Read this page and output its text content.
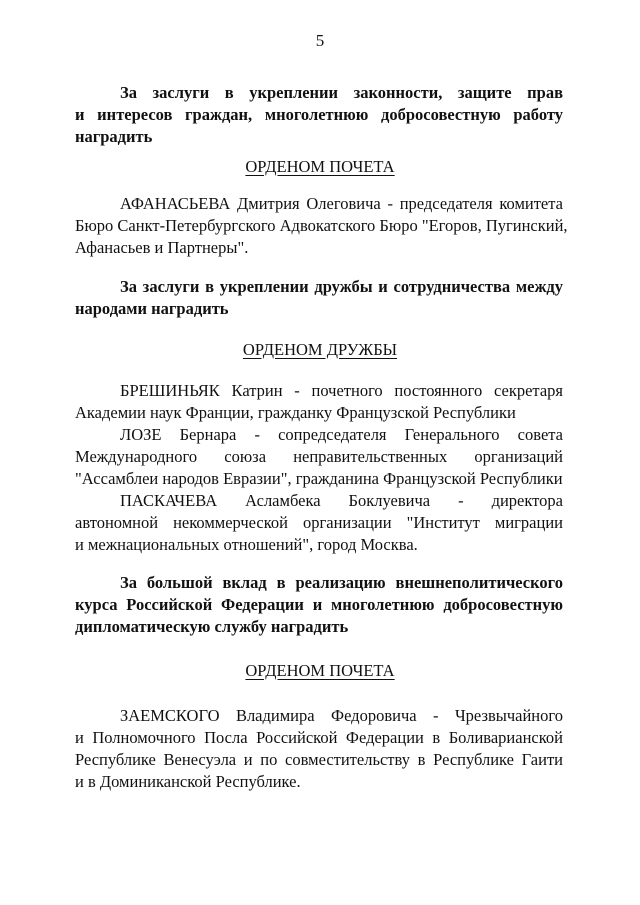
5
За заслуги в укреплении законности, защите прав
и интересов граждан, многолетнюю добросовестную работу
наградить
ОРДЕНОМ ПОЧЕТА
АФАНАСЬЕВА Дмитрия Олеговича - председателя комитета
Бюро Санкт-Петербургского Адвокатского Бюро "Егоров, Пугинский,
Афанасьев и Партнеры".
За заслуги в укреплении дружбы и сотрудничества между
народами наградить
ОРДЕНОМ ДРУЖБЫ
БРЕШИНЬЯК Катрин - почетного постоянного секретаря
Академии наук Франции, гражданку Французской Республики
ЛОЗЕ Бернара - сопредседателя Генерального совета
Международного союза неправительственных организаций
"Ассамблеи народов Евразии", гражданина Французской Республики
ПАСКАЧЕВА Асламбека Боклуевича - директора
автономной некоммерческой организации "Институт миграции
и межнациональных отношений", город Москва.
За большой вклад в реализацию внешнеполитического
курса Российской Федерации и многолетнюю добросовестную
дипломатическую службу наградить
ОРДЕНОМ ПОЧЕТА
ЗАЕМСКОГО Владимира Федоровича - Чрезвычайного
и Полномочного Посла Российской Федерации в Боливарианской
Республике Венесуэла и по совместительству в Республике Гаити
и в Доминиканской Республике.
